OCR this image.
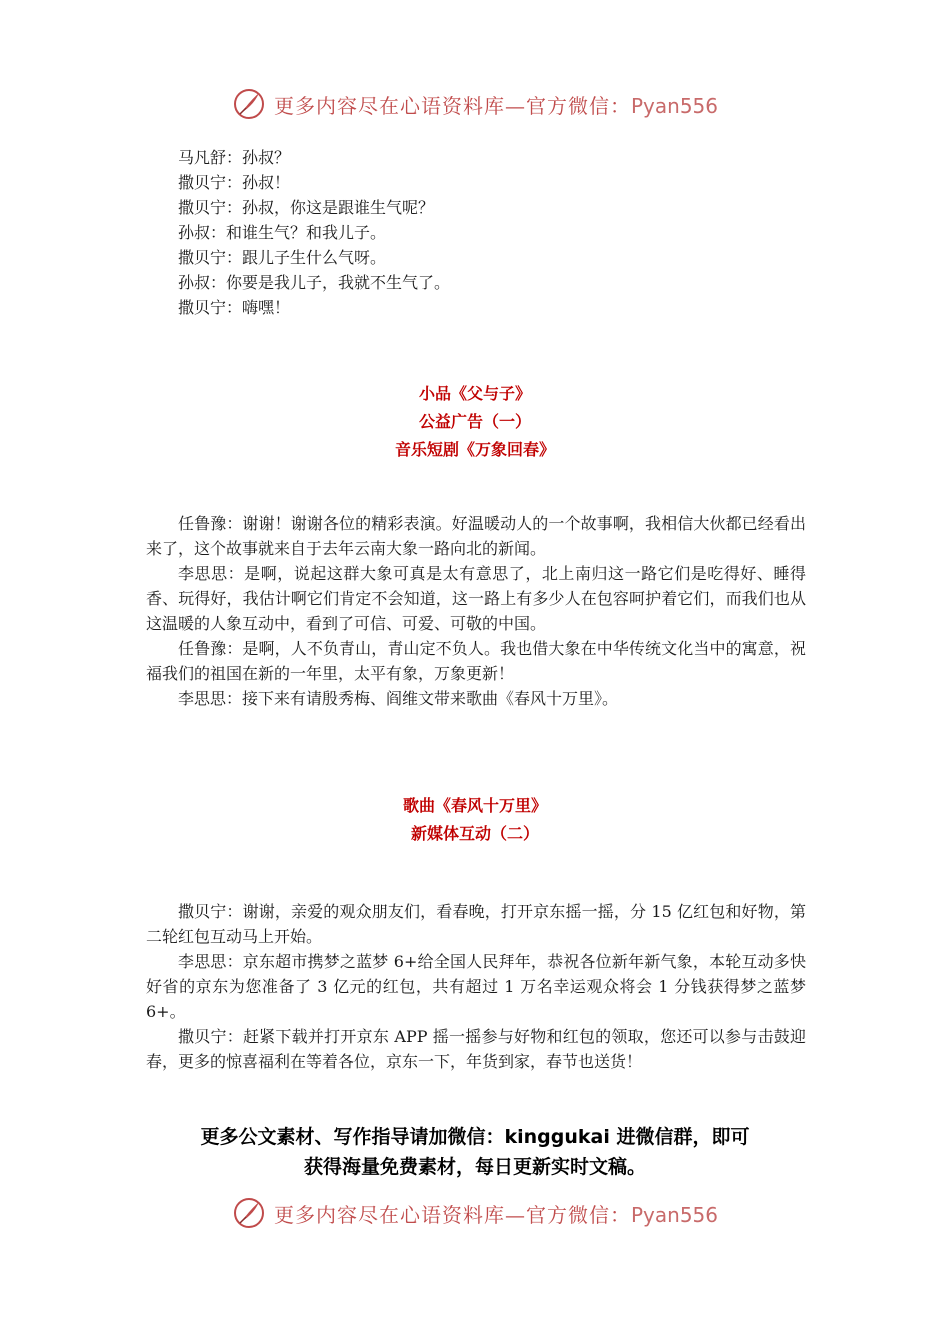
更多内容尽在心语资料库—官方微信：Pyan556

马凡舒：孙叔？

撒贝宁：孙叔！

撒贝宁：孙叔，你这是跟谁生气呢？

孙叔：和谁生气？和我儿子。

撒贝宁：跟儿子生什么气呀。

孙叔：你要是我儿子，我就不生气了。

撒贝宁：嗨嘿！

小品《父与子》
公益广告（一）
音乐短剧《万象回春》

任鲁豫：谢谢！谢谢各位的精彩表演。好温暖动人的一个故事啊，我相信大伙都已经看出来了，这个故事就来自于去年云南大象一路向北的新闻。

李思思：是啊，说起这群大象可真是太有意思了，北上南归这一路它们是吃得好、睡得香、玩得好，我估计啊它们肯定不会知道，这一路上有多少人在包容呵护着它们，而我们也从这温暖的人象互动中，看到了可信、可爱、可敬的中国。

任鲁豫：是啊，人不负青山，青山定不负人。我也借大象在中华传统文化当中的寓意，祝福我们的祖国在新的一年里，太平有象，万象更新！

李思思：接下来有请殷秀梅、阎维文带来歌曲《春风十万里》。

歌曲《春风十万里》
新媒体互动（二）

撒贝宁：谢谢，亲爱的观众朋友们，看春晚，打开京东摇一摇，分 15 亿红包和好物，第二轮红包互动马上开始。

李思思：京东超市携梦之蓝梦 6+给全国人民拜年，恭祝各位新年新气象，本轮互动多快好省的京东为您准备了 3 亿元的红包，共有超过 1 万名幸运观众将会 1 分钱获得梦之蓝梦 6+。

撒贝宁：赶紧下载并打开京东 APP 摇一摇参与好物和红包的领取，您还可以参与击鼓迎春，更多的惊喜福利在等着各位，京东一下，年货到家，春节也送货！

更多公文素材、写作指导请加微信：kinggukai 进微信群，即可
获得海量免费素材，每日更新实时文稿。
更多内容尽在心语资料库—官方微信：Pyan556
